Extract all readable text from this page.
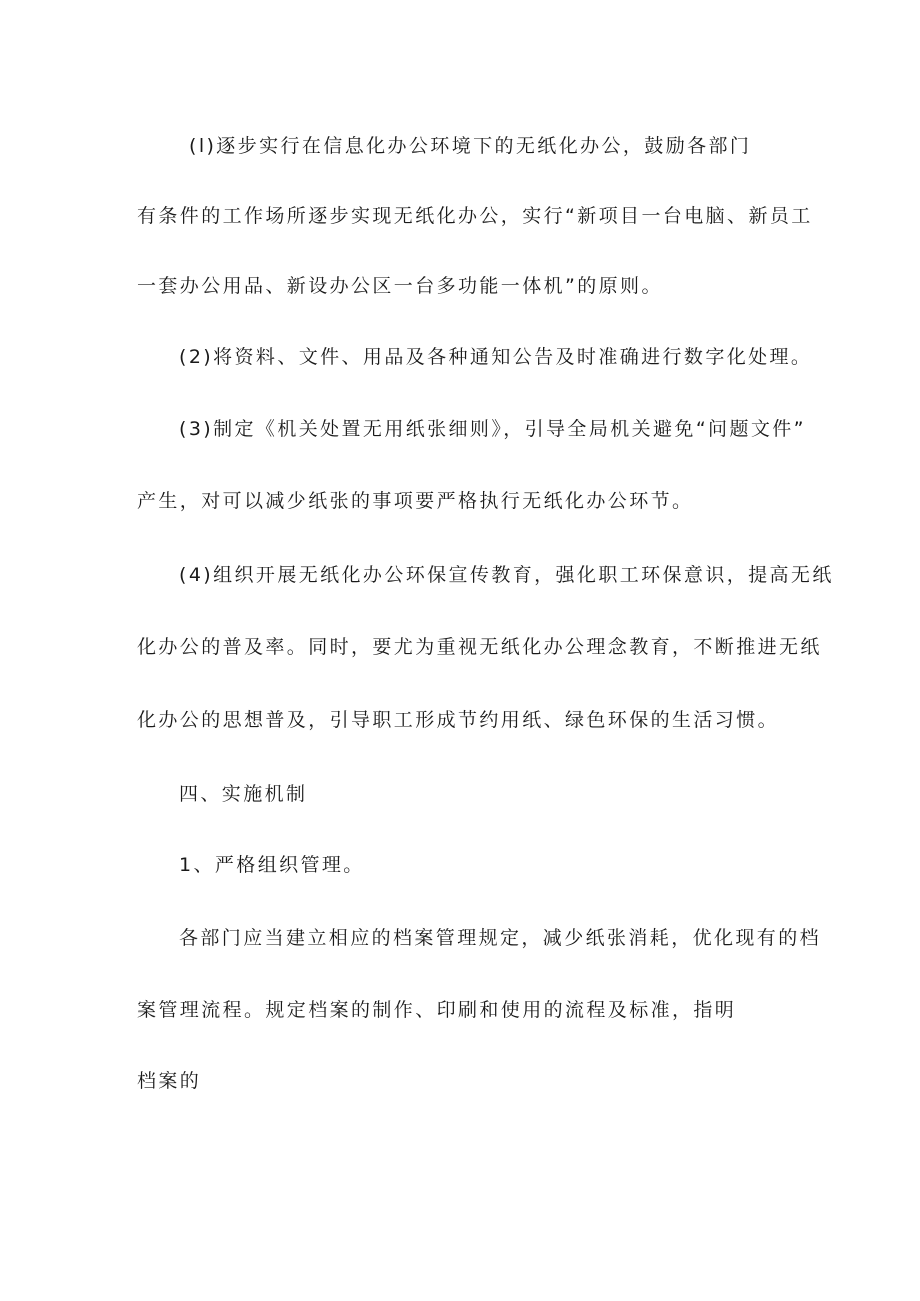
(l)逐步实行在信息化办公环境下的无纸化办公，鼓励各部门

有条件的工作场所逐步实现无纸化办公，实行“新项目一台电脑、新员工

一套办公用品、新设办公区一台多功能一体机”的原则。

(2)将资料、文件、用品及各种通知公告及时准确进行数字化处理。

(3)制定《机关处置无用纸张细则》，引导全局机关避免“问题文件”

产生，对可以减少纸张的事项要严格执行无纸化办公环节。

(4)组织开展无纸化办公环保宣传教育，强化职工环保意识，提高无纸

化办公的普及率。同时，要尤为重视无纸化办公理念教育，不断推进无纸

化办公的思想普及，引导职工形成节约用纸、绿色环保的生活习惯。

四、实施机制

1、严格组织管理。

各部门应当建立相应的档案管理规定，减少纸张消耗，优化现有的档

案管理流程。规定档案的制作、印刷和使用的流程及标准，指明

档案的
